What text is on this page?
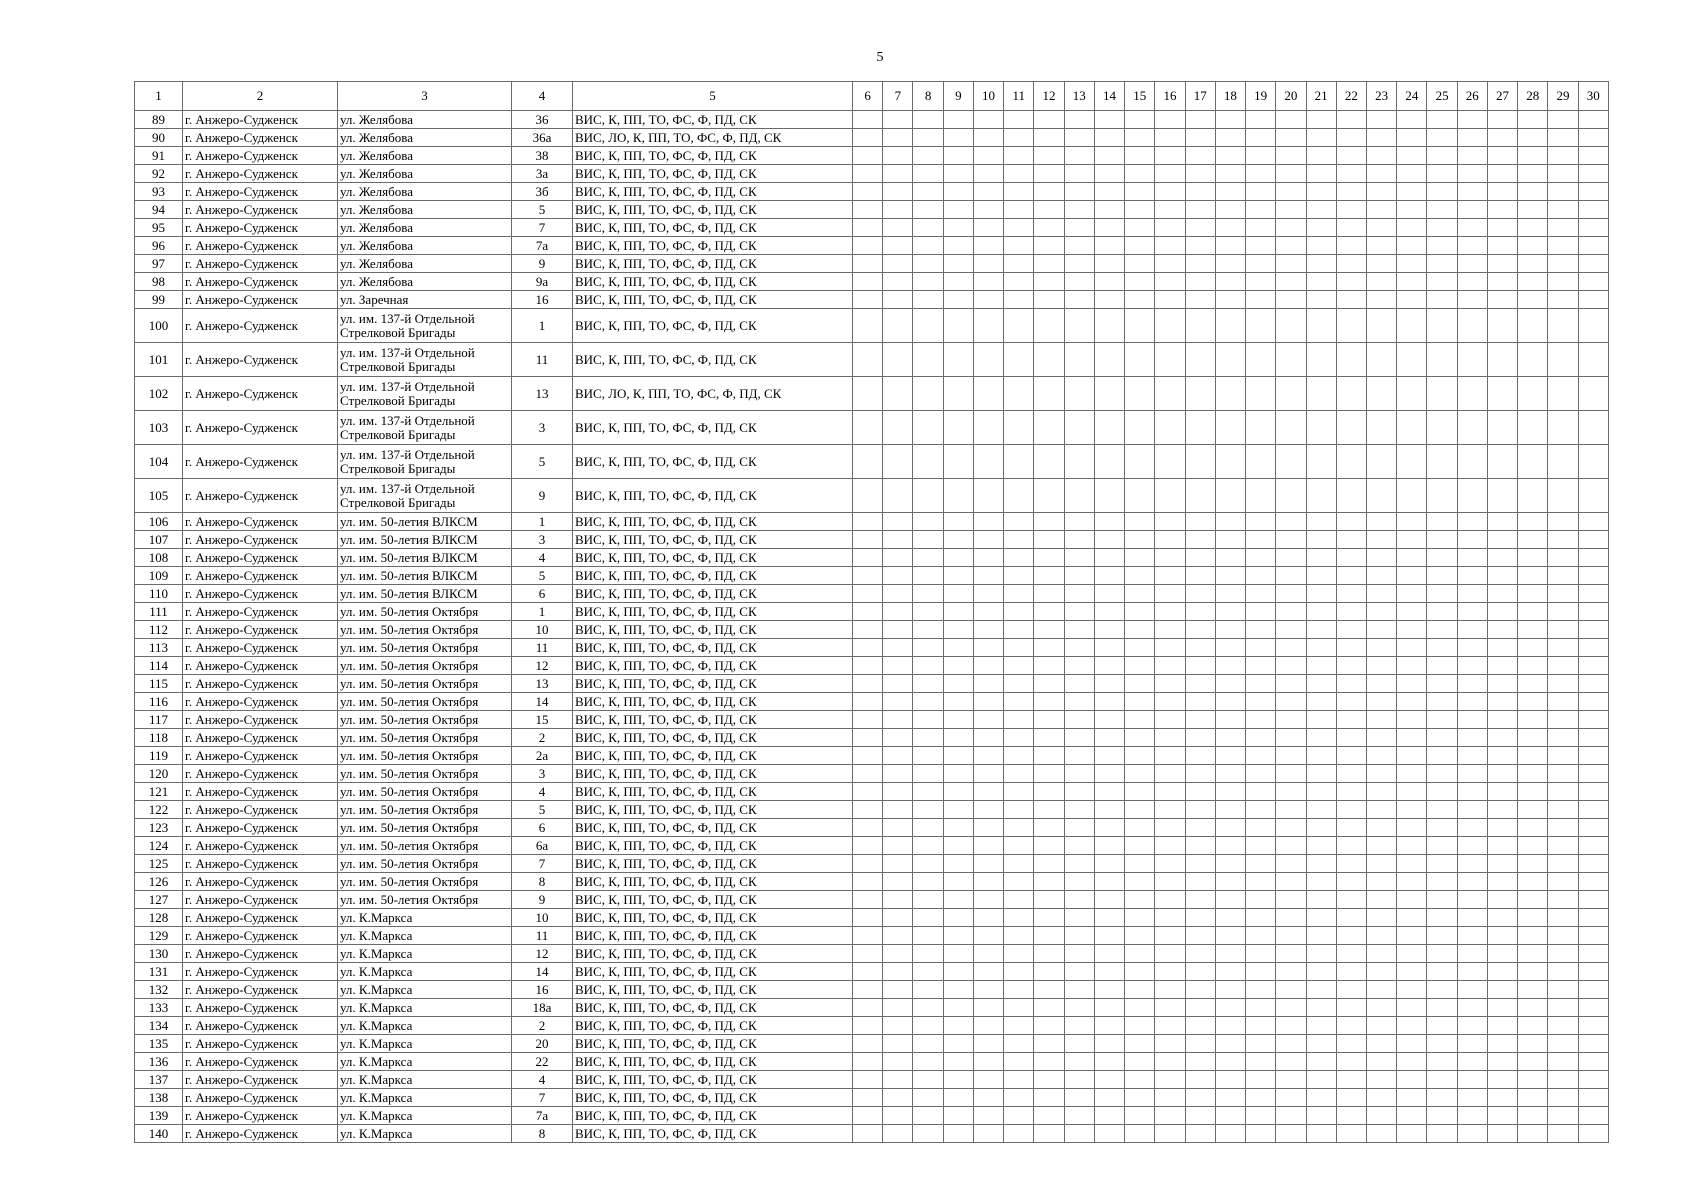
5
1	2	3	4	5	6	7	8	9	10	11	12	13	14	15	16	17	18	19	20	21	22	23	24	25	26	27	28	29	30
89	г. Анжеро-Судженск	ул. Желябова	36	ВИС, К, ПП, ТО, ФС, Ф, ПД, СК																									
90	г. Анжеро-Судженск	ул. Желябова	36а	ВИС, ЛО, К, ПП, ТО, ФС, Ф, ПД, СК																									
91	г. Анжеро-Судженск	ул. Желябова	38	ВИС, К, ПП, ТО, ФС, Ф, ПД, СК																									
92	г. Анжеро-Судженск	ул. Желябова	3а	ВИС, К, ПП, ТО, ФС, Ф, ПД, СК																									
93	г. Анжеро-Судженск	ул. Желябова	3б	ВИС, К, ПП, ТО, ФС, Ф, ПД, СК																									
94	г. Анжеро-Судженск	ул. Желябова	5	ВИС, К, ПП, ТО, ФС, Ф, ПД, СК																									
95	г. Анжеро-Судженск	ул. Желябова	7	ВИС, К, ПП, ТО, ФС, Ф, ПД, СК																									
96	г. Анжеро-Судженск	ул. Желябова	7а	ВИС, К, ПП, ТО, ФС, Ф, ПД, СК																									
97	г. Анжеро-Судженск	ул. Желябова	9	ВИС, К, ПП, ТО, ФС, Ф, ПД, СК																									
98	г. Анжеро-Судженск	ул. Желябова	9а	ВИС, К, ПП, ТО, ФС, Ф, ПД, СК																									
99	г. Анжеро-Судженск	ул. Заречная	16	ВИС, К, ПП, ТО, ФС, Ф, ПД, СК																									
100	г. Анжеро-Судженск	ул. им. 137-й Отдельной Стрелковой Бригады	1	ВИС, К, ПП, ТО, ФС, Ф, ПД, СК																									
101	г. Анжеро-Судженск	ул. им. 137-й Отдельной Стрелковой Бригады	11	ВИС, К, ПП, ТО, ФС, Ф, ПД, СК																									
102	г. Анжеро-Судженск	ул. им. 137-й Отдельной Стрелковой Бригады	13	ВИС, ЛО, К, ПП, ТО, ФС, Ф, ПД, СК																									
103	г. Анжеро-Судженск	ул. им. 137-й Отдельной Стрелковой Бригады	3	ВИС, К, ПП, ТО, ФС, Ф, ПД, СК																									
104	г. Анжеро-Судженск	ул. им. 137-й Отдельной Стрелковой Бригады	5	ВИС, К, ПП, ТО, ФС, Ф, ПД, СК																									
105	г. Анжеро-Судженск	ул. им. 137-й Отдельной Стрелковой Бригады	9	ВИС, К, ПП, ТО, ФС, Ф, ПД, СК																									
106	г. Анжеро-Судженск	ул. им. 50-летия ВЛКСМ	1	ВИС, К, ПП, ТО, ФС, Ф, ПД, СК																									
107	г. Анжеро-Судженск	ул. им. 50-летия ВЛКСМ	3	ВИС, К, ПП, ТО, ФС, Ф, ПД, СК																									
108	г. Анжеро-Судженск	ул. им. 50-летия ВЛКСМ	4	ВИС, К, ПП, ТО, ФС, Ф, ПД, СК																									
109	г. Анжеро-Судженск	ул. им. 50-летия ВЛКСМ	5	ВИС, К, ПП, ТО, ФС, Ф, ПД, СК																									
110	г. Анжеро-Судженск	ул. им. 50-летия ВЛКСМ	6	ВИС, К, ПП, ТО, ФС, Ф, ПД, СК																									
111	г. Анжеро-Судженск	ул. им. 50-летия Октября	1	ВИС, К, ПП, ТО, ФС, Ф, ПД, СК																									
112	г. Анжеро-Судженск	ул. им. 50-летия Октября	10	ВИС, К, ПП, ТО, ФС, Ф, ПД, СК																									
113	г. Анжеро-Судженск	ул. им. 50-летия Октября	11	ВИС, К, ПП, ТО, ФС, Ф, ПД, СК																									
114	г. Анжеро-Судженск	ул. им. 50-летия Октября	12	ВИС, К, ПП, ТО, ФС, Ф, ПД, СК																									
115	г. Анжеро-Судженск	ул. им. 50-летия Октября	13	ВИС, К, ПП, ТО, ФС, Ф, ПД, СК																									
116	г. Анжеро-Судженск	ул. им. 50-летия Октября	14	ВИС, К, ПП, ТО, ФС, Ф, ПД, СК																									
117	г. Анжеро-Судженск	ул. им. 50-летия Октября	15	ВИС, К, ПП, ТО, ФС, Ф, ПД, СК																									
118	г. Анжеро-Судженск	ул. им. 50-летия Октября	2	ВИС, К, ПП, ТО, ФС, Ф, ПД, СК																									
119	г. Анжеро-Судженск	ул. им. 50-летия Октября	2а	ВИС, К, ПП, ТО, ФС, Ф, ПД, СК																									
120	г. Анжеро-Судженск	ул. им. 50-летия Октября	3	ВИС, К, ПП, ТО, ФС, Ф, ПД, СК																									
121	г. Анжеро-Судженск	ул. им. 50-летия Октября	4	ВИС, К, ПП, ТО, ФС, Ф, ПД, СК																									
122	г. Анжеро-Судженск	ул. им. 50-летия Октября	5	ВИС, К, ПП, ТО, ФС, Ф, ПД, СК																									
123	г. Анжеро-Судженск	ул. им. 50-летия Октября	6	ВИС, К, ПП, ТО, ФС, Ф, ПД, СК																									
124	г. Анжеро-Судженск	ул. им. 50-летия Октября	6а	ВИС, К, ПП, ТО, ФС, Ф, ПД, СК																									
125	г. Анжеро-Судженск	ул. им. 50-летия Октября	7	ВИС, К, ПП, ТО, ФС, Ф, ПД, СК																									
126	г. Анжеро-Судженск	ул. им. 50-летия Октября	8	ВИС, К, ПП, ТО, ФС, Ф, ПД, СК																									
127	г. Анжеро-Судженск	ул. им. 50-летия Октября	9	ВИС, К, ПП, ТО, ФС, Ф, ПД, СК																									
128	г. Анжеро-Судженск	ул. К.Маркса	10	ВИС, К, ПП, ТО, ФС, Ф, ПД, СК																									
129	г. Анжеро-Судженск	ул. К.Маркса	11	ВИС, К, ПП, ТО, ФС, Ф, ПД, СК																									
130	г. Анжеро-Судженск	ул. К.Маркса	12	ВИС, К, ПП, ТО, ФС, Ф, ПД, СК																									
131	г. Анжеро-Судженск	ул. К.Маркса	14	ВИС, К, ПП, ТО, ФС, Ф, ПД, СК																									
132	г. Анжеро-Судженск	ул. К.Маркса	16	ВИС, К, ПП, ТО, ФС, Ф, ПД, СК																									
133	г. Анжеро-Судженск	ул. К.Маркса	18а	ВИС, К, ПП, ТО, ФС, Ф, ПД, СК																									
134	г. Анжеро-Судженск	ул. К.Маркса	2	ВИС, К, ПП, ТО, ФС, Ф, ПД, СК																									
135	г. Анжеро-Судженск	ул. К.Маркса	20	ВИС, К, ПП, ТО, ФС, Ф, ПД, СК																									
136	г. Анжеро-Судженск	ул. К.Маркса	22	ВИС, К, ПП, ТО, ФС, Ф, ПД, СК																									
137	г. Анжеро-Судженск	ул. К.Маркса	4	ВИС, К, ПП, ТО, ФС, Ф, ПД, СК																									
138	г. Анжеро-Судженск	ул. К.Маркса	7	ВИС, К, ПП, ТО, ФС, Ф, ПД, СК																									
139	г. Анжеро-Судженск	ул. К.Маркса	7а	ВИС, К, ПП, ТО, ФС, Ф, ПД, СК																									
140	г. Анжеро-Судженск	ул. К.Маркса	8	ВИС, К, ПП, ТО, ФС, Ф, ПД, СК																									
